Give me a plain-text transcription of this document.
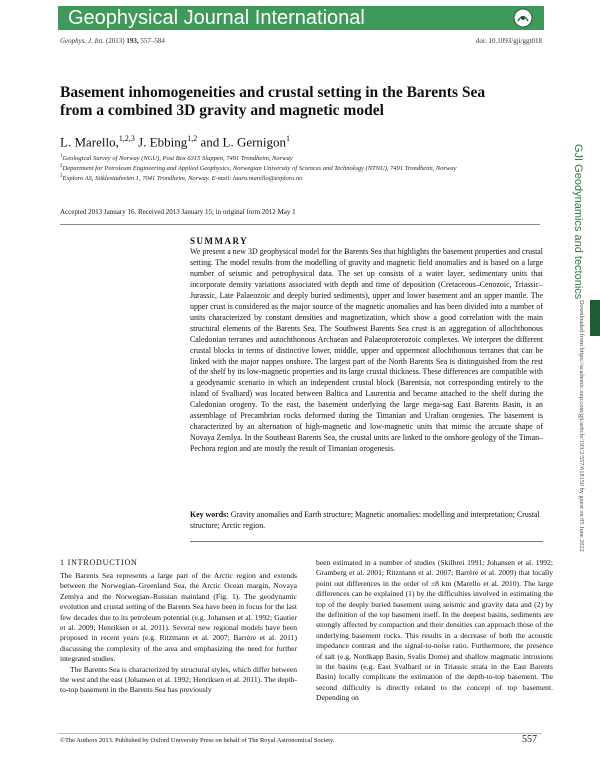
Geophysical Journal International
Geophys. J. Int. (2013) 193, 557–584	doi: 10.1093/gji/ggt018
Basement inhomogeneities and crustal setting in the Barents Sea from a combined 3D gravity and magnetic model
L. Marello,$^{1,2,3}$ J. Ebbing$^{1,2}$ and L. Gernigon$^1$
$^1$Geological Survey of Norway (NGU), Post Box 6315 Sluppen, 7491 Trondheim, Norway
$^2$Department for Petroleum Engineering and Applied Geophysics, Norwegian University of Sciences and Technology (NTNU), 7491 Trondheim, Norway
$^3$Exploro AS, Stiklestadveien 1, 7041 Trondheim, Norway. E-mail: laura.marello@exploro.no
Accepted 2013 January 16. Received 2013 January 15; in original form 2012 May 1
SUMMARY
We present a new 3D geophysical model for the Barents Sea that highlights the basement properties and crustal setting. The model results from the modelling of gravity and magnetic field anomalies and is based on a large number of seismic and petrophysical data. The set up consists of a water layer, sedimentary units that incorporate density variations associated with depth and time of deposition (Cretaceous–Cenozoic, Triassic–Jurassic, Late Palaeozoic and deeply buried sediments), upper and lower basement and an upper mantle. The upper crust is considered as the major source of the magnetic anomalies and has been divided into a number of units characterized by constant densities and magnetization, which show a good correlation with the main structural elements of the Barents Sea. The Southwest Barents Sea crust is an aggregation of allochthonous Caledonian terranes and autochthonous Archaean and Palaeoproterozoic complexes. We interpret the different crustal blocks in terms of distinctive lower, middle, upper and uppermost allochthonous terranes that can be linked with the major nappes onshore. The largest part of the North Barents Sea is distinguished from the rest of the shelf by its low-magnetic properties and its large crustal thickness. These differences are compatible with a geodynamic scenario in which an independent crustal block (Barentsia, not corresponding entirely to the island of Svalbard) was located between Baltica and Laurentia and became attached to the shelf during the Caledonian orogeny. To the east, the basement underlying the large mega-sag East Barents Basin, is an assemblage of Precambrian rocks deformed during the Timanian and Uralian orogenies. The basement is characterized by an alternation of high-magnetic and low-magnetic units that mimic the arcuate shape of Novaya Zemlya. In the Southeast Barents Sea, the crustal units are linked to the onshore geology of the Timan–Pechora region and are mostly the result of Timanian orogenesis.
Key words: Gravity anomalies and Earth structure; Magnetic anomalies: modelling and interpretation; Crustal structure; Arctic region.
1 INTRODUCTION

The Barents Sea represents a large part of the Arctic region and extends between the Norwegian–Greenland Sea, the Arctic Ocean margin, Novaya Zemlya and the Norwegian–Russian mainland (Fig. 1). The geodynamic evolution and crustal setting of the Barents Sea have been in focus for the last few decades due to its petroleum potential (e.g. Johansen et al. 1992; Gautier et al. 2009; Henriksen et al. 2011). Several new regional models have been proposed in recent years (e.g. Ritzmann et al. 2007; Barrère et al. 2011) discussing the complexity of the area and emphasizing the need for further integrated studies.

The Barents Sea is characterized by structural styles, which differ between the west and the east (Johansen et al. 1992; Henriksen et al. 2011). The depth-to-top basement in the Barents Sea has previously

been estimated in a number of studies (Skilbrei 1991; Johansen et al. 1992; Gramberg et al. 2001; Ritzmann et al. 2007; Barrère et al. 2009) that locally point out differences in the order of ±8 km (Marello et al. 2010). The large differences can be explained (1) by the difficulties involved in estimating the top of the deeply buried basement using seismic and gravity data and (2) by the definition of the top basement itself. In the deepest basins, sediments are strongly affected by compaction and their densities can approach those of the underlying basement rocks. This results in a decrease of both the acoustic impedance contrast and the signal-to-noise ratio. Furthermore, the presence of salt (e.g. Nordkapp Basin, Svalis Dome) and shallow magmatic intrusions in the basins (e.g. East Svalbard or in Triassic strata in the East Barents Basin) locally complicate the estimation of the depth-to-top basement. The second difficulty is directly related to the concept of top basement. Depending on

©The Authors 2013. Published by Oxford University Press on behalf of The Royal Astronomical Society.	557
GJI Geodynamics and tectonics
Downloaded from https://academic.oup.com/gji/article/193/2/557/618150 by guest on 05 June 2022
